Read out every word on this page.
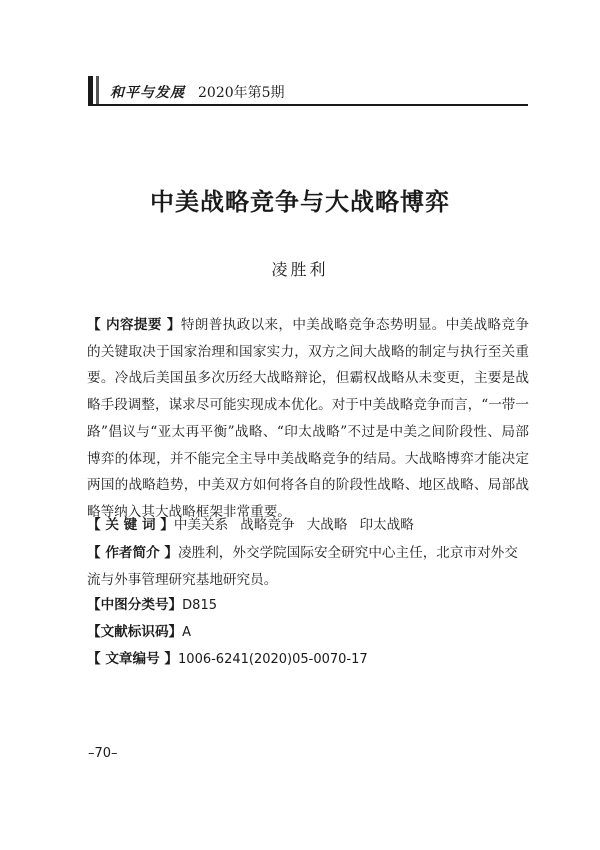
和平与发展 2020年第5期
中美战略竞争与大战略博弈
凌胜利
【 内容提要 】特朗普执政以来，中美战略竞争态势明显。中美战略竞争的关键取决于国家治理和国家实力，双方之间大战略的制定与执行至关重要。冷战后美国虽多次历经大战略辩论，但霸权战略从未变更，主要是战略手段调整，谋求尽可能实现成本优化。对于中美战略竞争而言，“一带一路”倡议与“亚太再平衡”战略、“印太战略”不过是中美之间阶段性、局部博弈的体现，并不能完全主导中美战略竞争的结局。大战略博弈才能决定两国的战略趋势，中美双方如何将各自的阶段性战略、地区战略、局部战略等纳入其大战略框架非常重要。
【 关 键 词 】中美关系 战略竞争 大战略 印太战略
【 作者简介 】凌胜利，外交学院国际安全研究中心主任，北京市对外交流与外事管理研究基地研究员。
【中图分类号】D815
【文献标识码】A
【 文章编号 】1006-6241(2020)05-0070-17
–70–
